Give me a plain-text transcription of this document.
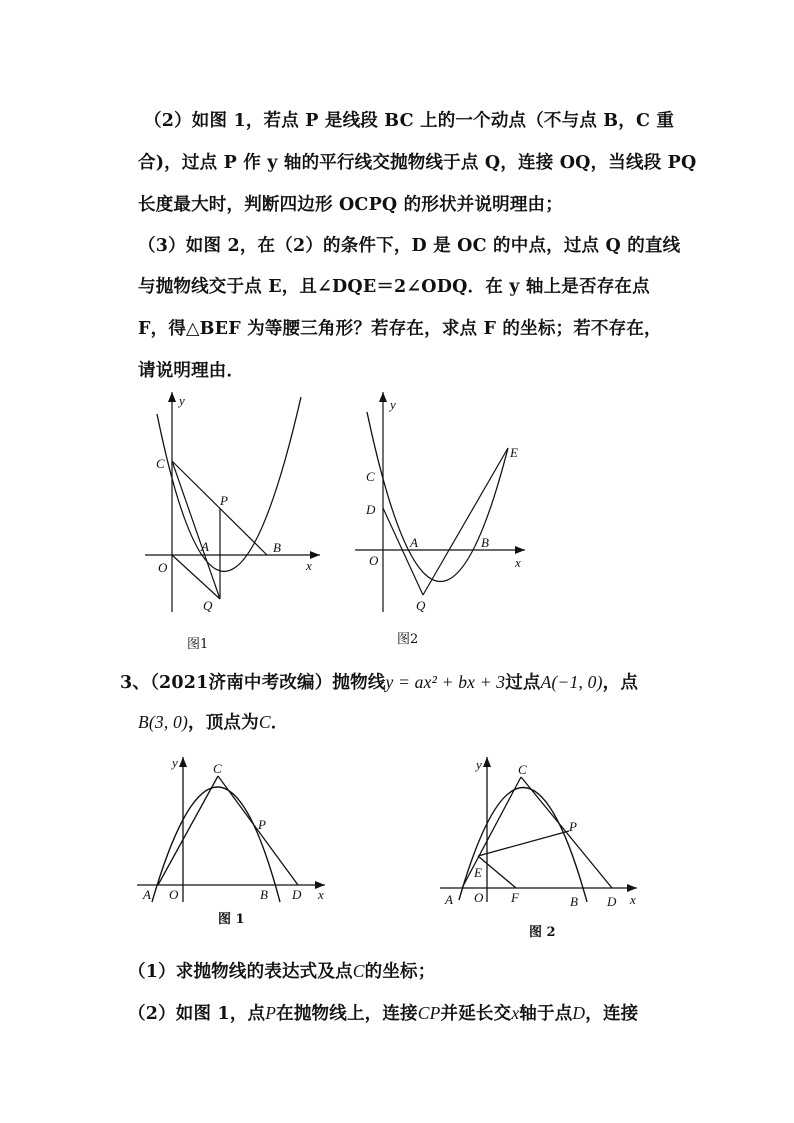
（2）如图 1，若点 P 是线段 BC 上的一个动点（不与点 B，C 重
合)，过点 P 作 y 轴的平行线交抛物线于点 Q，连接 OQ，当线段 PQ
长度最大时，判断四边形 OCPQ 的形状并说明理由；
（3）如图 2，在（2）的条件下，D 是 OC 的中点，过点 Q 的直线
与抛物线交于点 E，且∠DQE＝2∠ODQ．在 y 轴上是否存在点
F，得△BEF 为等腰三角形？若存在，求点 F 的坐标；若不存在，
请说明理由．
y
x
C
P
A	B
O
Q
图1
y
x
C
D
E
A	B
O
Q
图2
3、（2021济南中考改编）抛物线y = ax² + bx + 3过点A(−1, 0)，点
B(3, 0)，顶点为C．
y
x
C
P
A O	B D
图 1
y
x
C
P
E
A O F	B D
图 2
（1）求抛物线的表达式及点C的坐标；
（2）如图 1，点P在抛物线上，连接CP并延长交x轴于点D，连接
